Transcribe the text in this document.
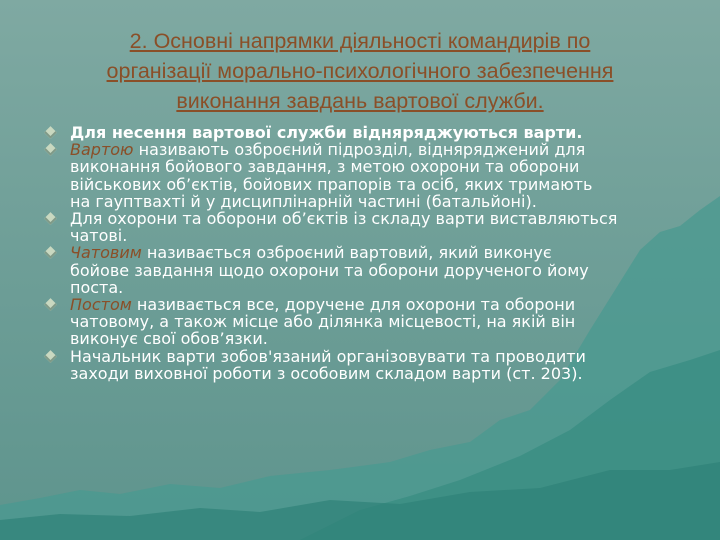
2. Основні напрямки діяльності командирів по
організації морально-психологічного забезпечення
виконання завдань вартової служби.
Для несення вартової служби відняряджуються варти.
Вартою називають озброєний підрозділ, відняряджений для
виконання бойового завдання, з метою охорони та оборони
військових об’єктів, бойових прапорів та осіб, яких тримають
на гауптвахті й у дисциплінарній частині (батальйоні).
Для охорони та оборони об’єктів із складу варти виставляються
чатові.
Чатовим називається озброєний вартовий, який виконує
бойове завдання щодо охорони та оборони дорученого йому
поста.
Постом називається все, доручене для охорони та оборони
чатовому, а також місце або ділянка місцевості, на якій він
виконує свої обов’язки.
Начальник варти зобов'язаний організовувати та проводити
заходи виховної роботи з особовим складом варти (ст. 203).
